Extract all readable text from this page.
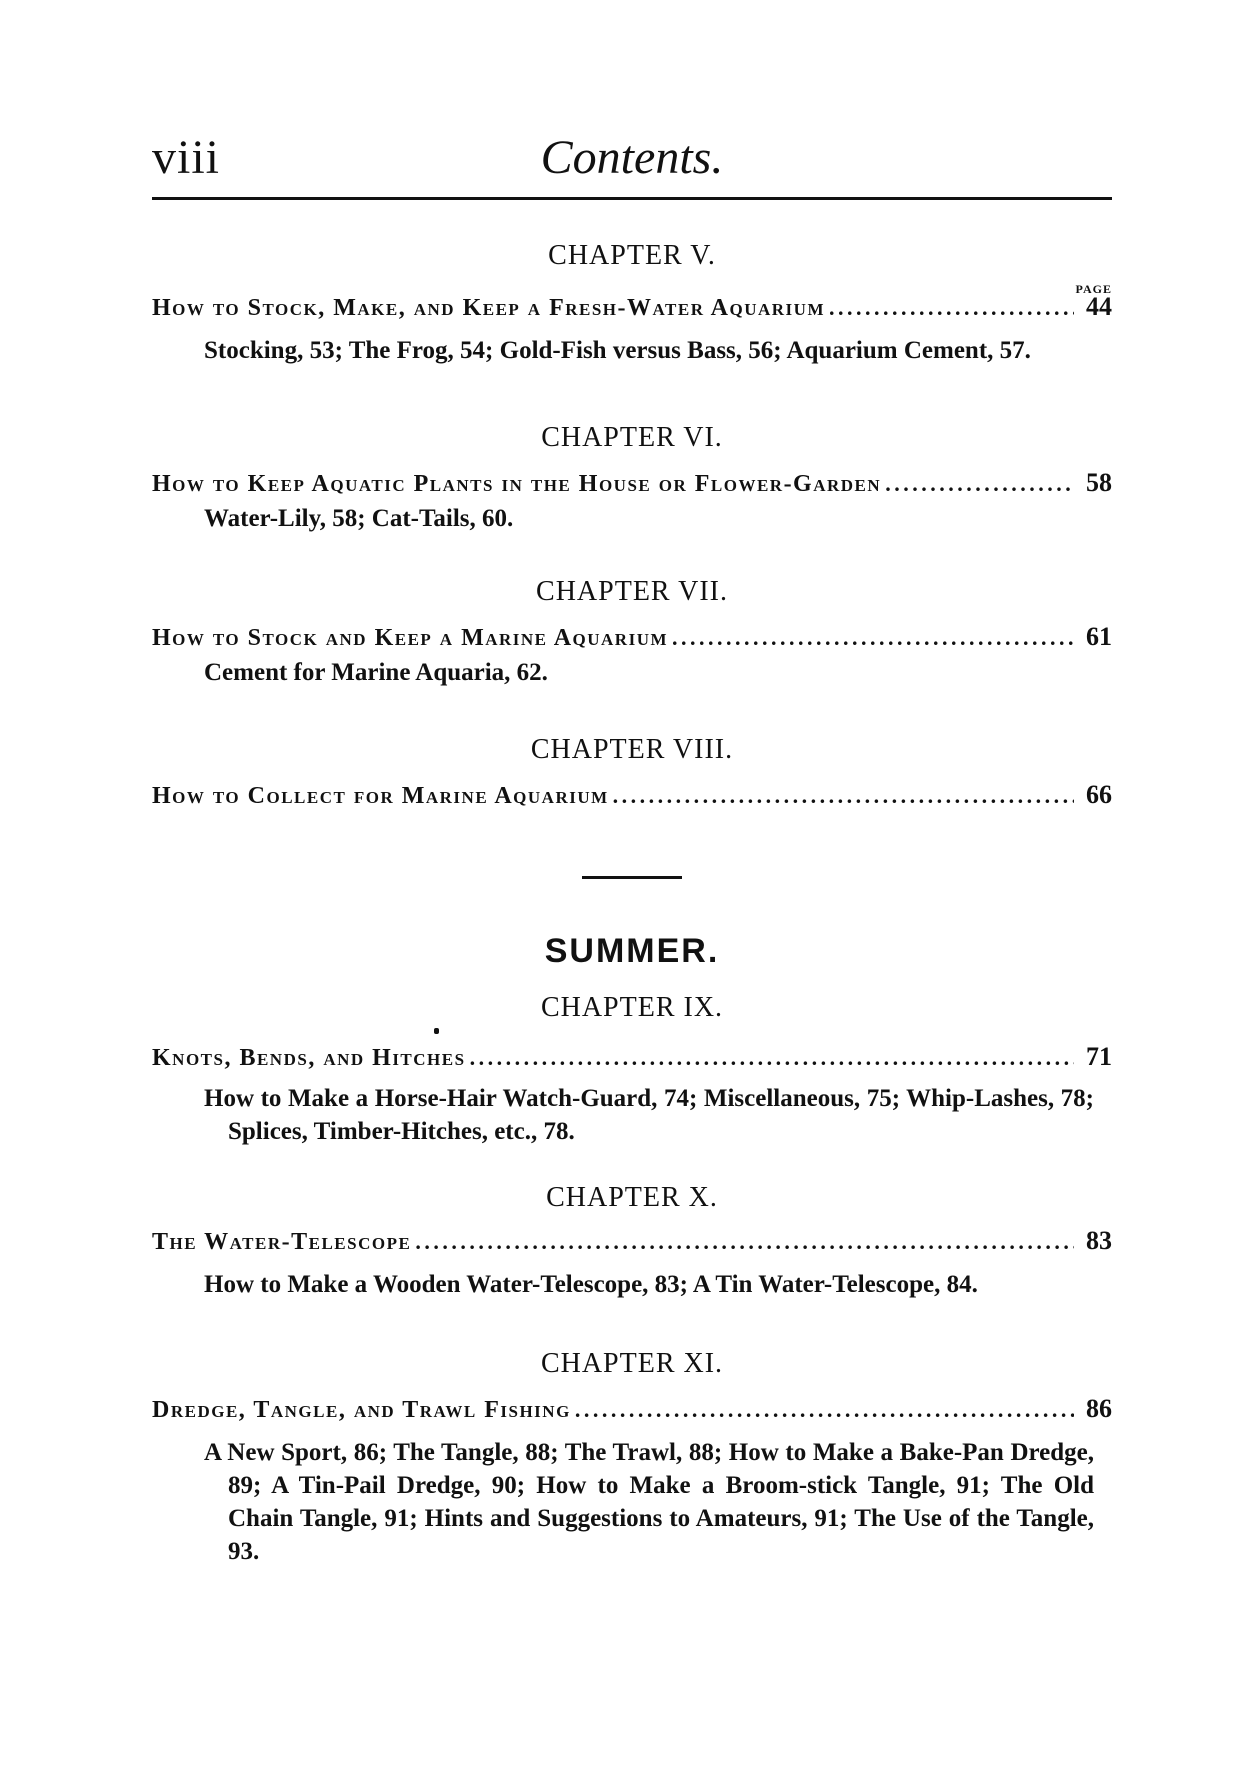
viii	Contents.
CHAPTER V.
PAGE
How to Stock, Make, and Keep a Fresh-Water Aquarium . . .	44
Stocking, 53; The Frog, 54; Gold-Fish versus Bass, 56; Aquarium Cement, 57.
CHAPTER VI.
How to Keep Aquatic Plants in the House or Flower-Garden . . .	58
Water-Lily, 58; Cat-Tails, 60.
CHAPTER VII.
How to Stock and Keep a Marine Aquarium . . .	61
Cement for Marine Aquaria, 62.
CHAPTER VIII.
How to Collect for Marine Aquarium . . .	66
SUMMER.
CHAPTER IX.
Knots, Bends, and Hitches . . .	71
How to Make a Horse-Hair Watch-Guard, 74; Miscellaneous, 75; Whip-Lashes, 78; Splices, Timber-Hitches, etc., 78.
CHAPTER X.
The Water-Telescope . . .	83
How to Make a Wooden Water-Telescope, 83; A Tin Water-Telescope, 84.
CHAPTER XI.
Dredge, Tangle, and Trawl Fishing . . .	86
A New Sport, 86; The Tangle, 88; The Trawl, 88; How to Make a Bake-Pan Dredge, 89; A Tin-Pail Dredge, 90; How to Make a Broom-stick Tangle, 91; The Old Chain Tangle, 91; Hints and Suggestions to Amateurs, 91; The Use of the Tangle, 93.
